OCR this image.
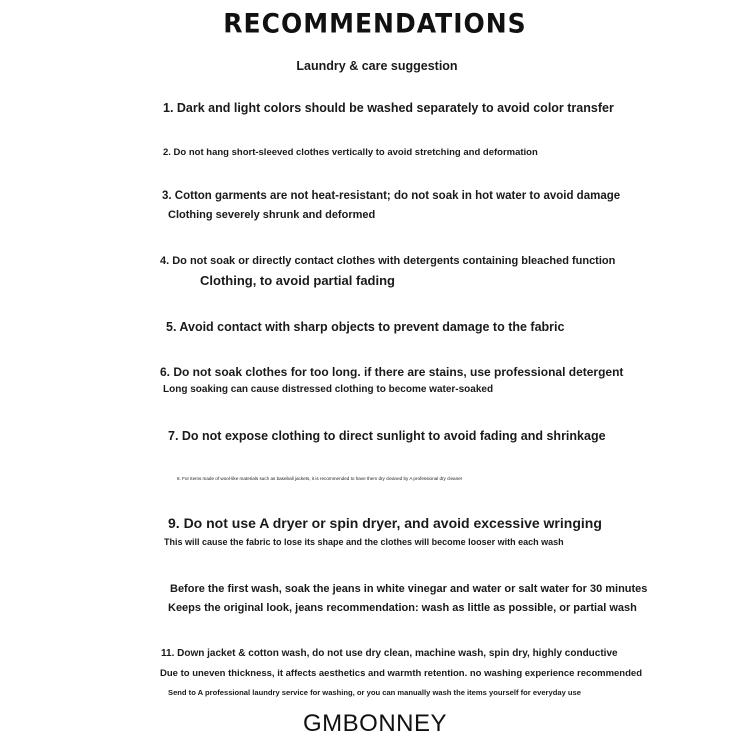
RECOMMENDATIONS
Laundry & care suggestion
1. Dark and light colors should be washed separately to avoid color transfer
2. Do not hang short-sleeved clothes vertically to avoid stretching and deformation
3. Cotton garments are not heat-resistant; do not soak in hot water to avoid damage
Clothing severely shrunk and deformed
4. Do not soak or directly contact clothes with detergents containing bleached function
Clothing, to avoid partial fading
5. Avoid contact with sharp objects to prevent damage to the fabric
6. Do not soak clothes for too long. if there are stains, use professional detergent
Long soaking can cause distressed clothing to become water-soaked
7. Do not expose clothing to direct sunlight to avoid fading and shrinkage
8. For items made of wool-like materials such as baseball jackets, it is recommended to have them dry cleaned by A professional dry cleaner
9. Do not use A dryer or spin dryer, and avoid excessive wringing
This will cause the fabric to lose its shape and the clothes will become looser with each wash
Before the first wash, soak the jeans in white vinegar and water or salt water for 30 minutes
Keeps the original look, jeans recommendation: wash as little as possible, or partial wash
11. Down jacket & cotton wash, do not use dry clean, machine wash, spin dry, highly conductive
Due to uneven thickness, it affects aesthetics and warmth retention. no washing experience recommended
Send to A professional laundry service for washing, or you can manually wash the items yourself for everyday use
GMBONNEY
